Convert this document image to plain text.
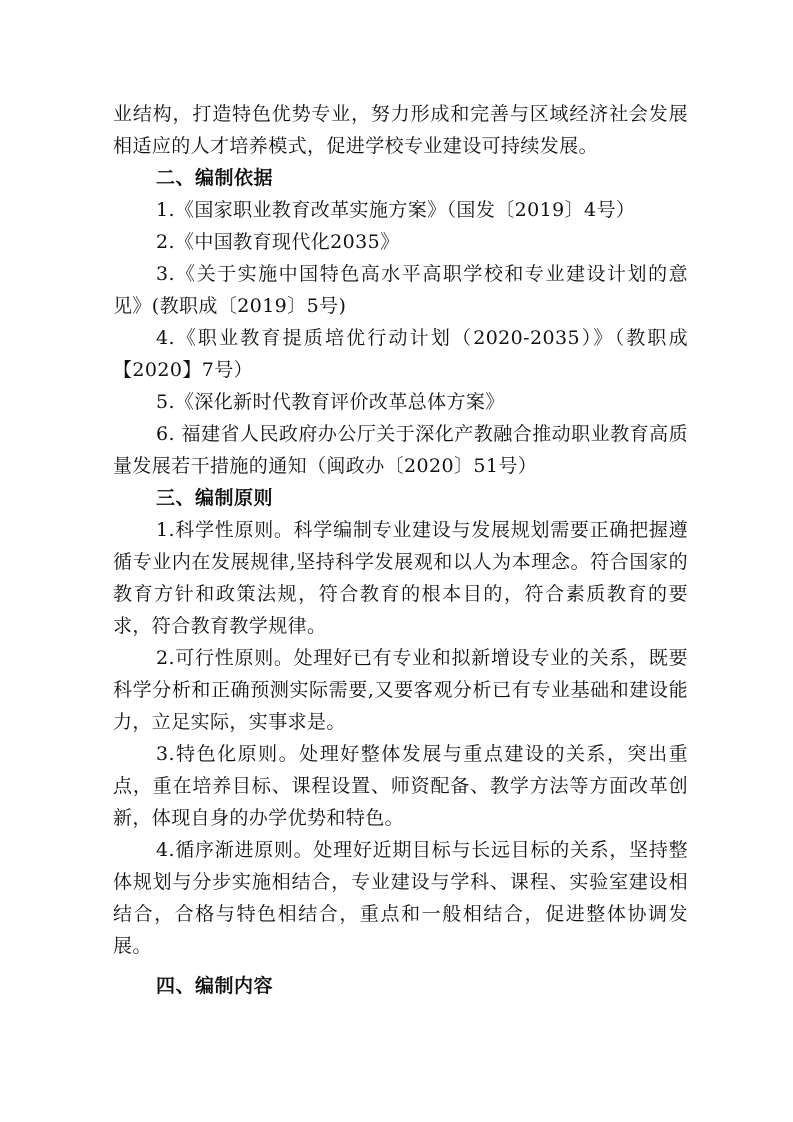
业结构，打造特色优势专业，努力形成和完善与区域经济社会发展相适应的人才培养模式，促进学校专业建设可持续发展。

二、编制依据

1.《国家职业教育改革实施方案》（国发〔2019〕4号）

2.《中国教育现代化2035》

3.《关于实施中国特色高水平高职学校和专业建设计划的意见》(教职成〔2019〕5号)

4.《职业教育提质培优行动计划（2020-2035）》（教职成【2020】7号）

5.《深化新时代教育评价改革总体方案》

6. 福建省人民政府办公厅关于深化产教融合推动职业教育高质量发展若干措施的通知（闽政办〔2020〕51号）

三、编制原则

1.科学性原则。科学编制专业建设与发展规划需要正确把握遵循专业内在发展规律,坚持科学发展观和以人为本理念。符合国家的教育方针和政策法规，符合教育的根本目的，符合素质教育的要求，符合教育教学规律。

2.可行性原则。处理好已有专业和拟新增设专业的关系，既要科学分析和正确预测实际需要,又要客观分析已有专业基础和建设能力，立足实际，实事求是。

3.特色化原则。处理好整体发展与重点建设的关系，突出重点，重在培养目标、课程设置、师资配备、教学方法等方面改革创新，体现自身的办学优势和特色。

4.循序渐进原则。处理好近期目标与长远目标的关系，坚持整体规划与分步实施相结合，专业建设与学科、课程、实验室建设相结合，合格与特色相结合，重点和一般相结合，促进整体协调发展。

四、编制内容
